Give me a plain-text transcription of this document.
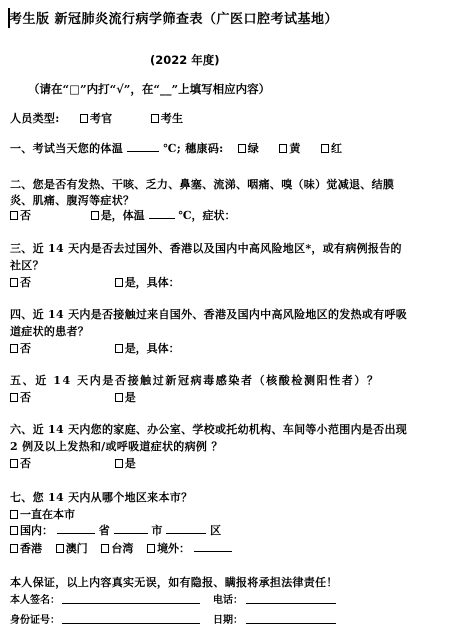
考生版 新冠肺炎流行病学筛查表（广医口腔考试基地）
(2022 年度)
（请在“□”内打“√”，在“__”上填写相应内容）
人员类型:	考官	考生
一、考试当天您的体温	℃; 穗康码: 绿	黄	红
二、您是否有发热、干咳、乏力、鼻塞、流涕、咽痛、嗅（味）觉减退、结膜
炎、肌痛、腹泻等症状？
否	是，体温	℃，症状：
三、近 14 天内是否去过国外、香港以及国内中高风险地区*，或有病例报告的
社区？
否	是，具体：
四、近 14 天内是否接触过来自国外、香港及国内中高风险地区的发热或有呼吸
道症状的患者？
否	是，具体：
五、近 14 天内是否接触过新冠病毒感染者（核酸检测阳性者）？
否	是
六、近 14 天内您的家庭、办公室、学校或托幼机构、车间等小范围内是否出现
2 例及以上发热和/或呼吸道症状的病例 ？
否	是
七、您 14 天内从哪个地区来本市？
一直在本市
国内：	省	市	区
香港 澳门 台湾 境外：
本人保证，以上内容真实无误，如有隐报、瞒报将承担法律责任！
本人签名：	电话：
身份证号：	日期：
